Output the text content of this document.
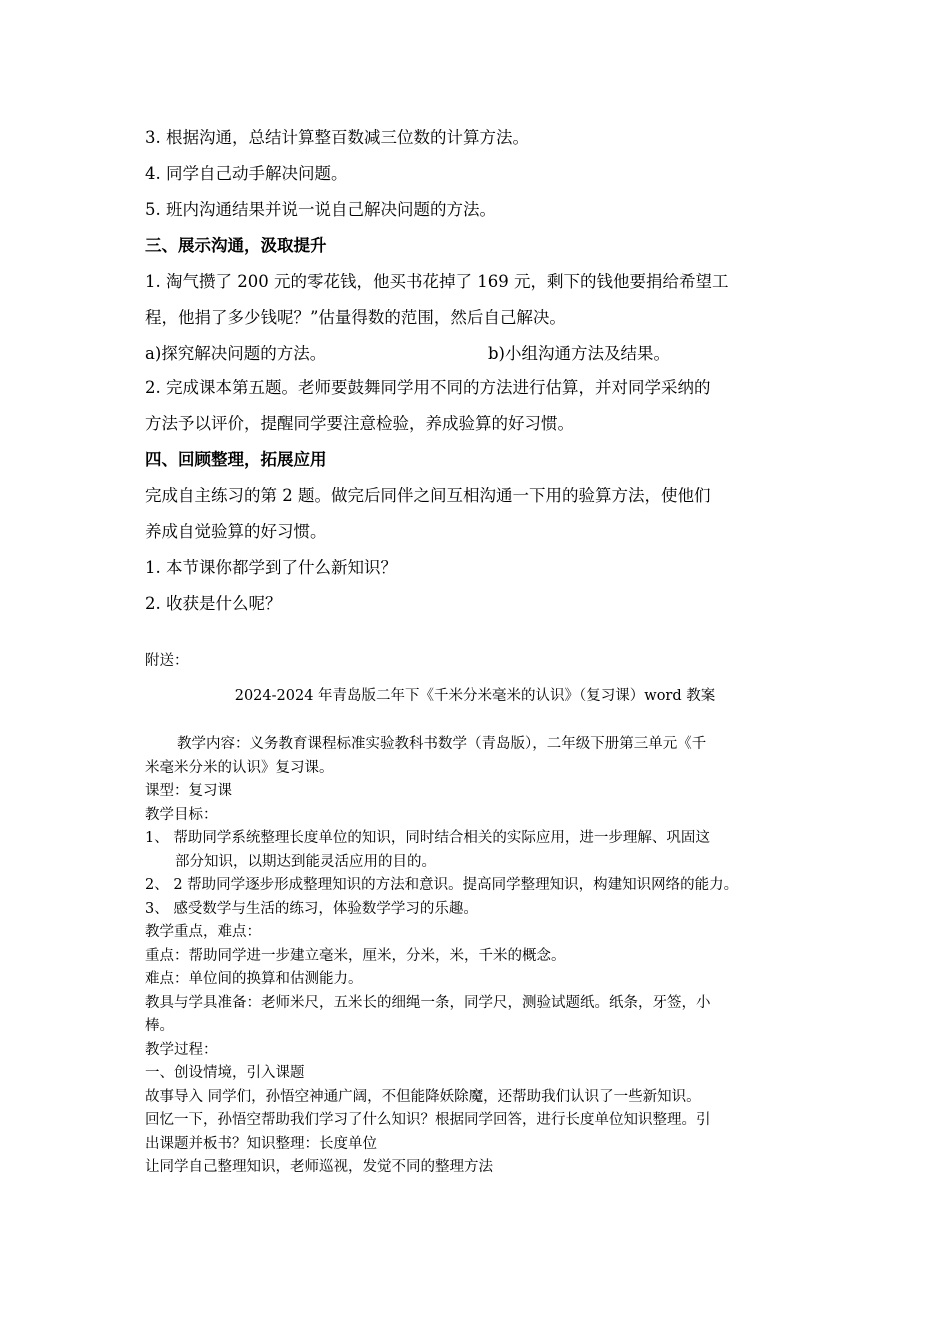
3. 根据沟通，总结计算整百数减三位数的计算方法。
4. 同学自己动手解决问题。
5. 班内沟通结果并说一说自己解决问题的方法。
三、展示沟通，汲取提升
1. 淘气攒了 200 元的零花钱，他买书花掉了 169 元，剩下的钱他要捐给希望工
程，他捐了多少钱呢？”估量得数的范围，然后自己解决。
a)探究解决问题的方法。	b)小组沟通方法及结果。
2. 完成课本第五题。老师要鼓舞同学用不同的方法进行估算，并对同学采纳的
方法予以评价，提醒同学要注意检验，养成验算的好习惯。
四、回顾整理，拓展应用
完成自主练习的第 2 题。做完后同伴之间互相沟通一下用的验算方法，使他们
养成自觉验算的好习惯。
1. 本节课你都学到了什么新知识？
2. 收获是什么呢？
附送：
2024-2024 年青岛版二年下《千米分米毫米的认识》（复习课）word 教案
教学内容：义务教育课程标准实验教科书数学（青岛版），二年级下册第三单元《千
米毫米分米的认识》复习课。
课型：复习课
教学目标：
1、 帮助同学系统整理长度单位的知识，同时结合相关的实际应用，进一步理解、巩固这
部分知识，以期达到能灵活应用的目的。
2、 2 帮助同学逐步形成整理知识的方法和意识。提高同学整理知识，构建知识网络的能力。
3、 感受数学与生活的练习，体验数学学习的乐趣。
教学重点，难点：
重点：帮助同学进一步建立毫米，厘米，分米，米，千米的概念。
难点：单位间的换算和估测能力。
教具与学具准备：老师米尺，五米长的细绳一条，同学尺，测验试题纸。纸条，牙签，小
棒。
教学过程：
一、创设情境，引入课题
故事导入 同学们，孙悟空神通广阔，不但能降妖除魔，还帮助我们认识了一些新知识。
回忆一下，孙悟空帮助我们学习了什么知识？根据同学回答，进行长度单位知识整理。引
出课题并板书？知识整理：长度单位
让同学自己整理知识，老师巡视，发觉不同的整理方法
